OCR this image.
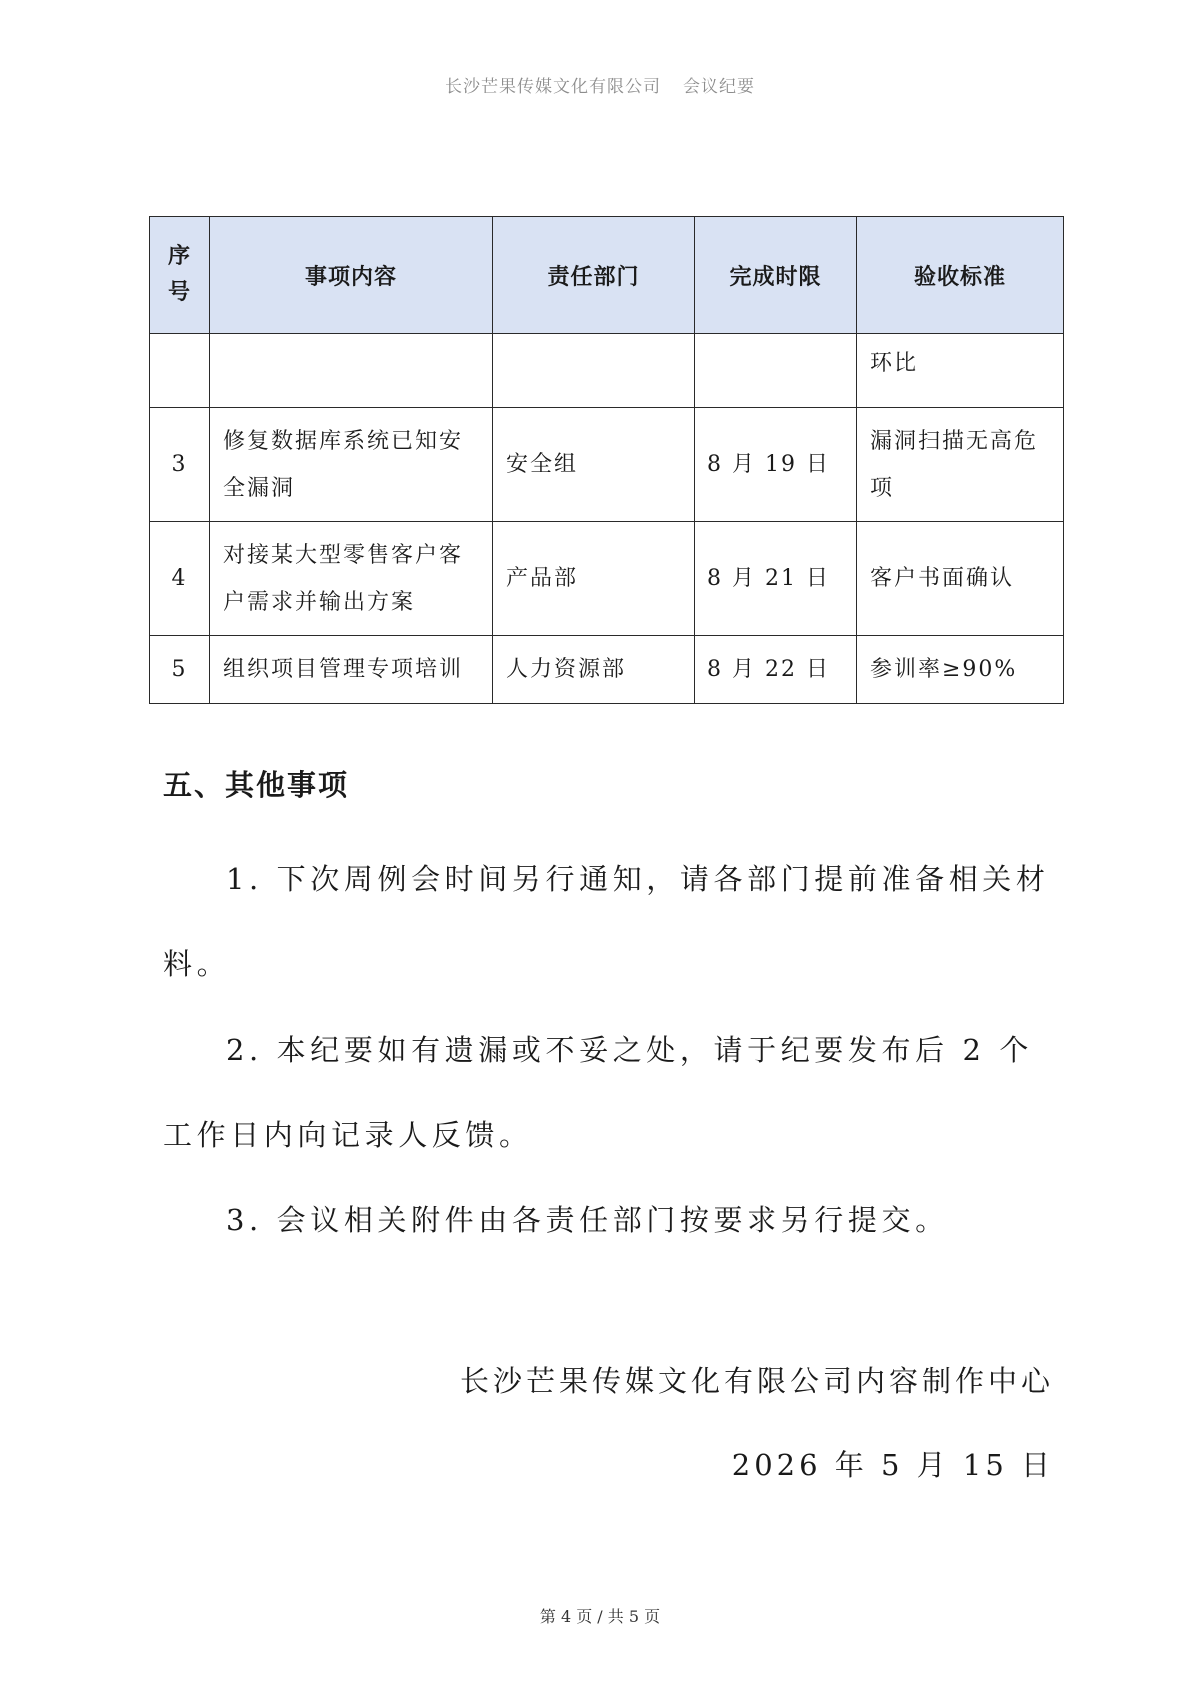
长沙芒果传媒文化有限公司 会议纪要
序
号	事项内容	责任部门	完成时限	验收标准
				环比
3	修复数据库系统已知安全漏洞	安全组	8 月 19 日	漏洞扫描无高危项
4	对接某大型零售客户客户需求并输出方案	产品部	8 月 21 日	客户书面确认
5	组织项目管理专项培训	人力资源部	8 月 22 日	参训率≥90%
五、其他事项
1. 下次周例会时间另行通知，请各部门提前准备相关材料。
2. 本纪要如有遗漏或不妥之处，请于纪要发布后 2 个工作日内向记录人反馈。
3. 会议相关附件由各责任部门按要求另行提交。
长沙芒果传媒文化有限公司内容制作中心
2026 年 5 月 15 日
第 4 页 / 共 5 页
